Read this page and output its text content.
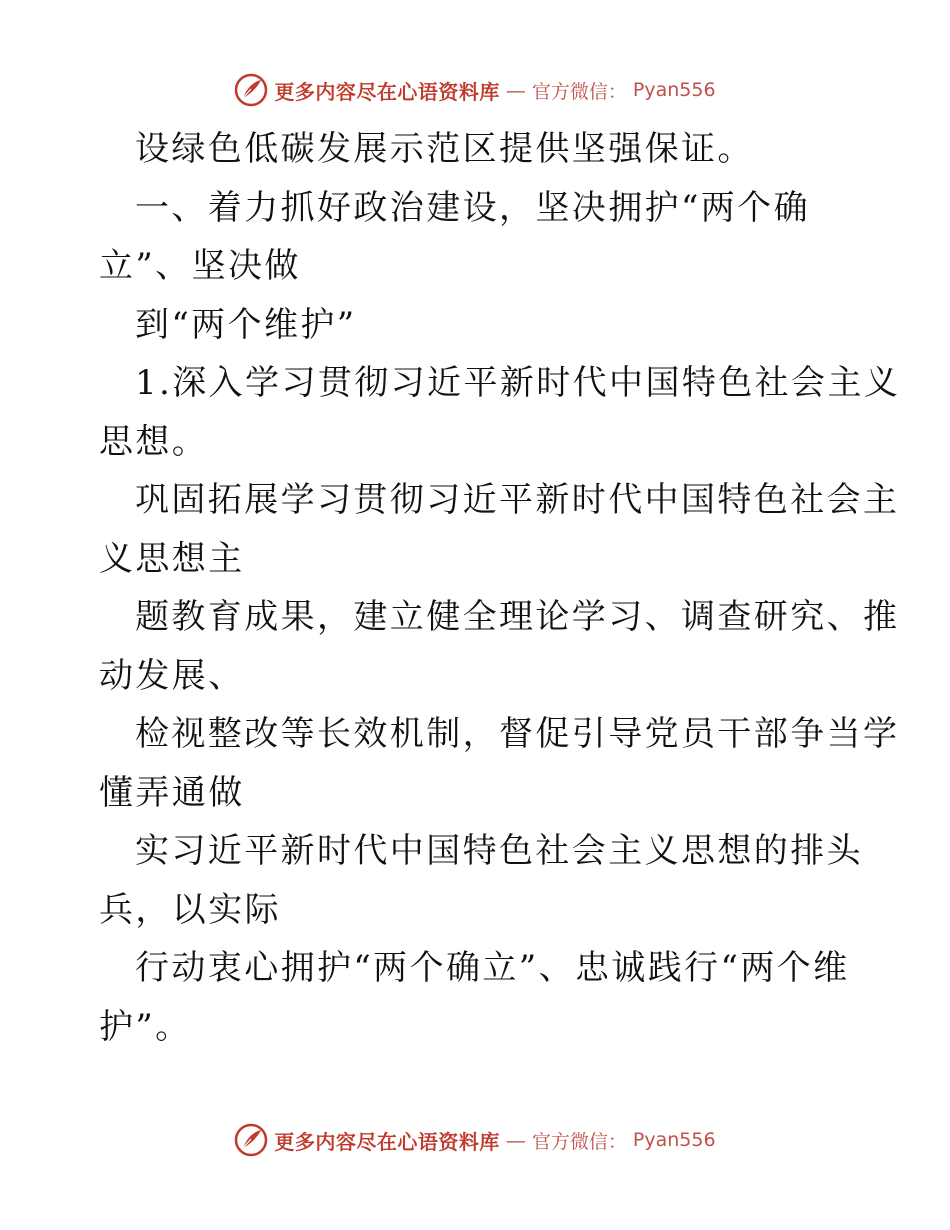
更多内容尽在心语资料库 — 官方微信： Pyan556
设绿色低碳发展示范区提供坚强保证。
一、着力抓好政治建设，坚决拥护“两个确
立”、坚决做
到“两个维护”
1.深入学习贯彻习近平新时代中国特色社会主义
思想。
巩固拓展学习贯彻习近平新时代中国特色社会主
义思想主
题教育成果，建立健全理论学习、调查研究、推
动发展、
检视整改等长效机制，督促引导党员干部争当学
懂弄通做
实习近平新时代中国特色社会主义思想的排头
兵，以实际
行动衷心拥护“两个确立”、忠诚践行“两个维
护”。
更多内容尽在心语资料库 — 官方微信： Pyan556
